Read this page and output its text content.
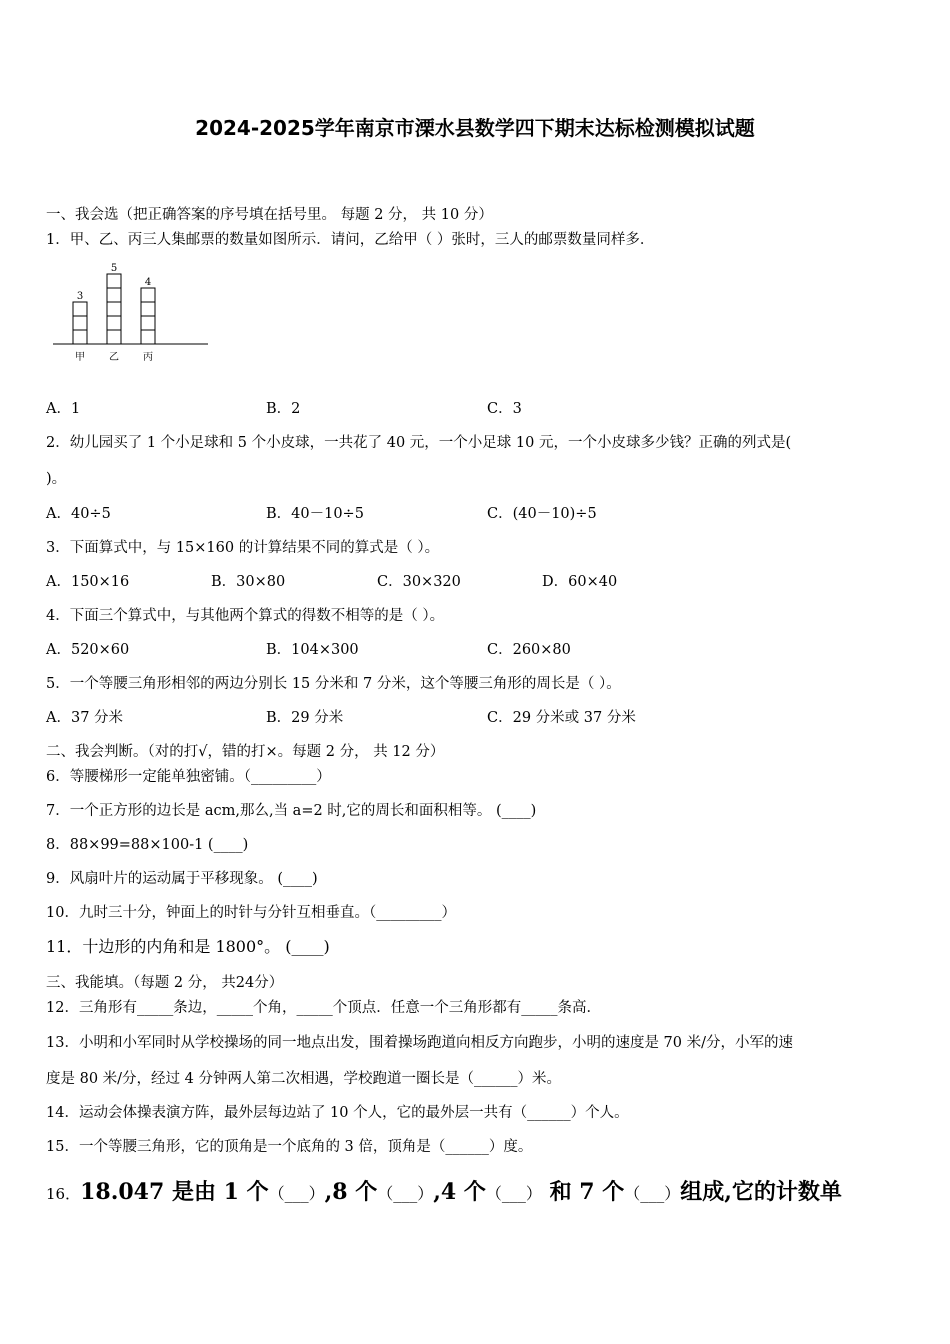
2024-2025学年南京市溧水县数学四下期末达标检测模拟试题
一、我会选（把正确答案的序号填在括号里。 每题 2 分， 共 10 分）
1．甲、乙、丙三人集邮票的数量如图所示．请问，乙给甲（ ）张时，三人的邮票数量同样多．
3
甲
5
乙
4
丙
A．1	B．2	C．3
2．幼儿园买了 1 个小足球和 5 个小皮球，一共花了 40 元，一个小足球 10 元，一个小皮球多少钱？正确的列式是(
)。
A．40÷5	B．40－10÷5	C．(40－10)÷5
3．下面算式中，与 15×160 的计算结果不同的算式是（ ）。
A．150×16	B．30×80	C．30×320	D．60×40
4．下面三个算式中，与其他两个算式的得数不相等的是（ ）。
A．520×60	B．104×300	C．260×80
5．一个等腰三角形相邻的两边分别长 15 分米和 7 分米，这个等腰三角形的周长是（ ）。
A．37 分米	B．29 分米	C．29 分米或 37 分米
二、我会判断。（对的打√，错的打×。每题 2 分， 共 12 分）
6．等腰梯形一定能单独密铺。（_________）
7．一个正方形的边长是 acm,那么,当 a=2 时,它的周长和面积相等。 (____)
8．88×99=88×100-1 (____)
9．风扇叶片的运动属于平移现象。 (____)
10．九时三十分，钟面上的时针与分针互相垂直。（_________）
11．十边形的内角和是 1800°。 (____)
三、我能填。（每题 2 分， 共24分）
12．三角形有_____条边，_____个角，_____个顶点．任意一个三角形都有_____条高．
13．小明和小军同时从学校操场的同一地点出发，围着操场跑道向相反方向跑步，小明的速度是 70 米/分，小军的速
度是 80 米/分，经过 4 分钟两人第二次相遇，学校跑道一圈长是（______）米。
14．运动会体操表演方阵，最外层每边站了 10 个人，它的最外层一共有（______）个人。
15．一个等腰三角形，它的顶角是一个底角的 3 倍，顶角是（______）度。
16．18.047 是由 1 个（___）,8 个（___）,4 个（___） 和 7 个（___）组成,它的计数单
